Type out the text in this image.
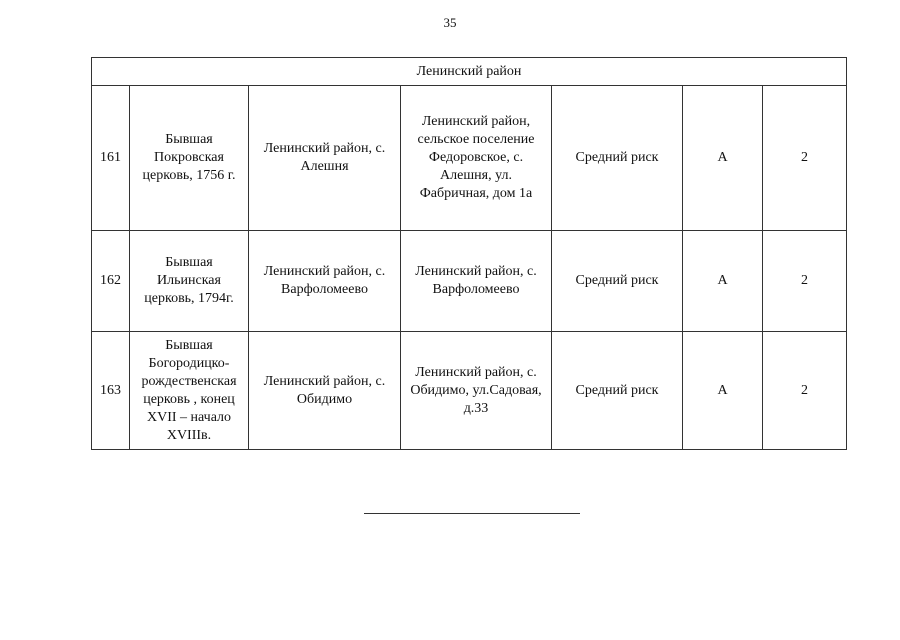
35
Ленинский район						
161	Бывшая Покровская церковь, 1756 г.	Ленинский район, с. Алешня	Ленинский район, сельское поселение Федоровское, с. Алешня, ул. Фабричная, дом 1а	Средний риск	А	2
162	Бывшая Ильинская церковь, 1794г.	Ленинский район, с. Варфоломеево	Ленинский район, с. Варфоломеево	Средний риск	А	2
163	Бывшая Богородицко-рождественская церковь , конец XVII – начало XVIIIв.	Ленинский район, с. Обидимо	Ленинский район, с. Обидимо, ул.Садовая, д.33	Средний риск	А	2
